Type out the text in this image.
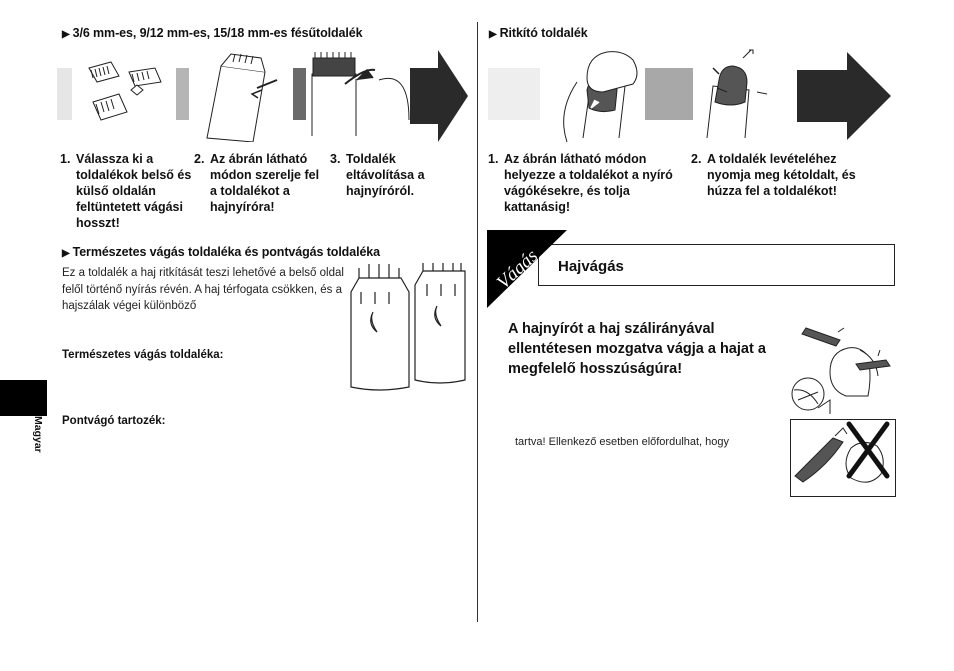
▶ 3/6 mm-es, 9/12 mm-es, 15/18 mm-es fésűtoldalék
1. Válassza ki a toldalékok belső és külső oldalán feltüntetett vágási hosszt!
2. Az ábrán látható módon szerelje fel a toldalékot a hajnyíróra!
3. Toldalék eltávolítása a hajnyíróról.
▶ Természetes vágás toldaléka és pontvágás toldaléka
Ez a toldalék a haj ritkítását teszi lehetővé a belső oldal felől történő nyírás révén. A haj térfogata csökken, és a hajszálak végei különböző
Természetes vágás toldaléka:
Pontvágó tartozék:
Magyar
▶ Ritkító toldalék
1. Az ábrán látható módon helyezze a toldalékot a nyíró vágókésekre, és tolja kattanásig!
2. A toldalék levételéhez nyomja meg kétoldalt, és húzza fel a toldalékot!
Vágás Hajvágás
A hajnyírót a haj szálirányával ellentétesen mozgatva vágja a hajat a megfelelő hosszúságúra!
tartva! Ellenkező esetben előfordulhat, hogy
